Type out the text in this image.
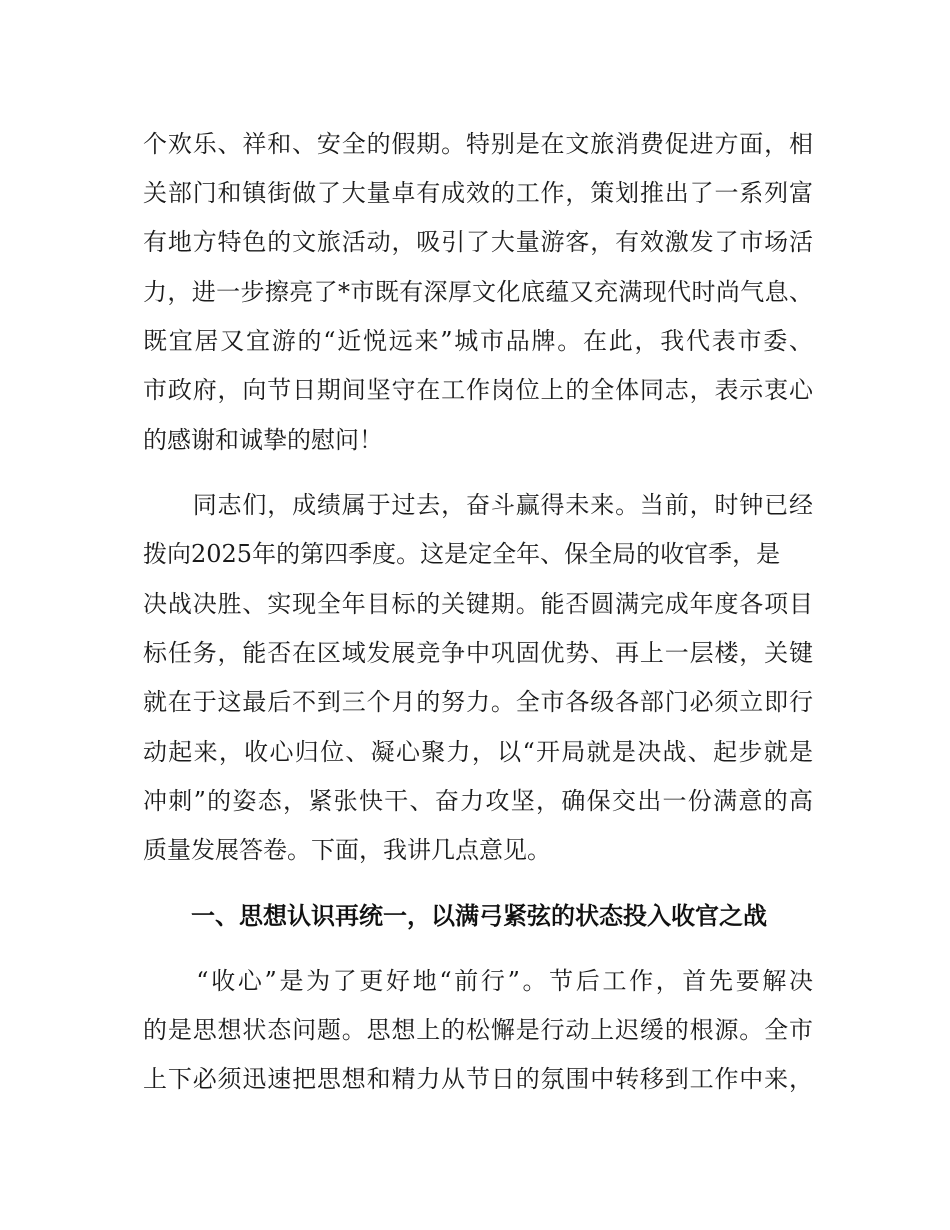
个欢乐、祥和、安全的假期。特别是在文旅消费促进方面，相
关部门和镇街做了大量卓有成效的工作，策划推出了一系列富
有地方特色的文旅活动，吸引了大量游客，有效激发了市场活
力，进一步擦亮了*市既有深厚文化底蕴又充满现代时尚气息、
既宜居又宜游的“近悦远来”城市品牌。在此，我代表市委、
市政府，向节日期间坚守在工作岗位上的全体同志，表示衷心
的感谢和诚挚的慰问！
　　同志们，成绩属于过去，奋斗赢得未来。当前，时钟已经
拨向2025年的第四季度。这是定全年、保全局的收官季，是
决战决胜、实现全年目标的关键期。能否圆满完成年度各项目
标任务，能否在区域发展竞争中巩固优势、再上一层楼，关键
就在于这最后不到三个月的努力。全市各级各部门必须立即行
动起来，收心归位、凝心聚力，以“开局就是决战、起步就是
冲刺”的姿态，紧张快干、奋力攻坚，确保交出一份满意的高
质量发展答卷。下面，我讲几点意见。
一、思想认识再统一，以满弓紧弦的状态投入收官之战
　　“收心”是为了更好地“前行”。节后工作，首先要解决
的是思想状态问题。思想上的松懈是行动上迟缓的根源。全市
上下必须迅速把思想和精力从节日的氛围中转移到工作中来，
